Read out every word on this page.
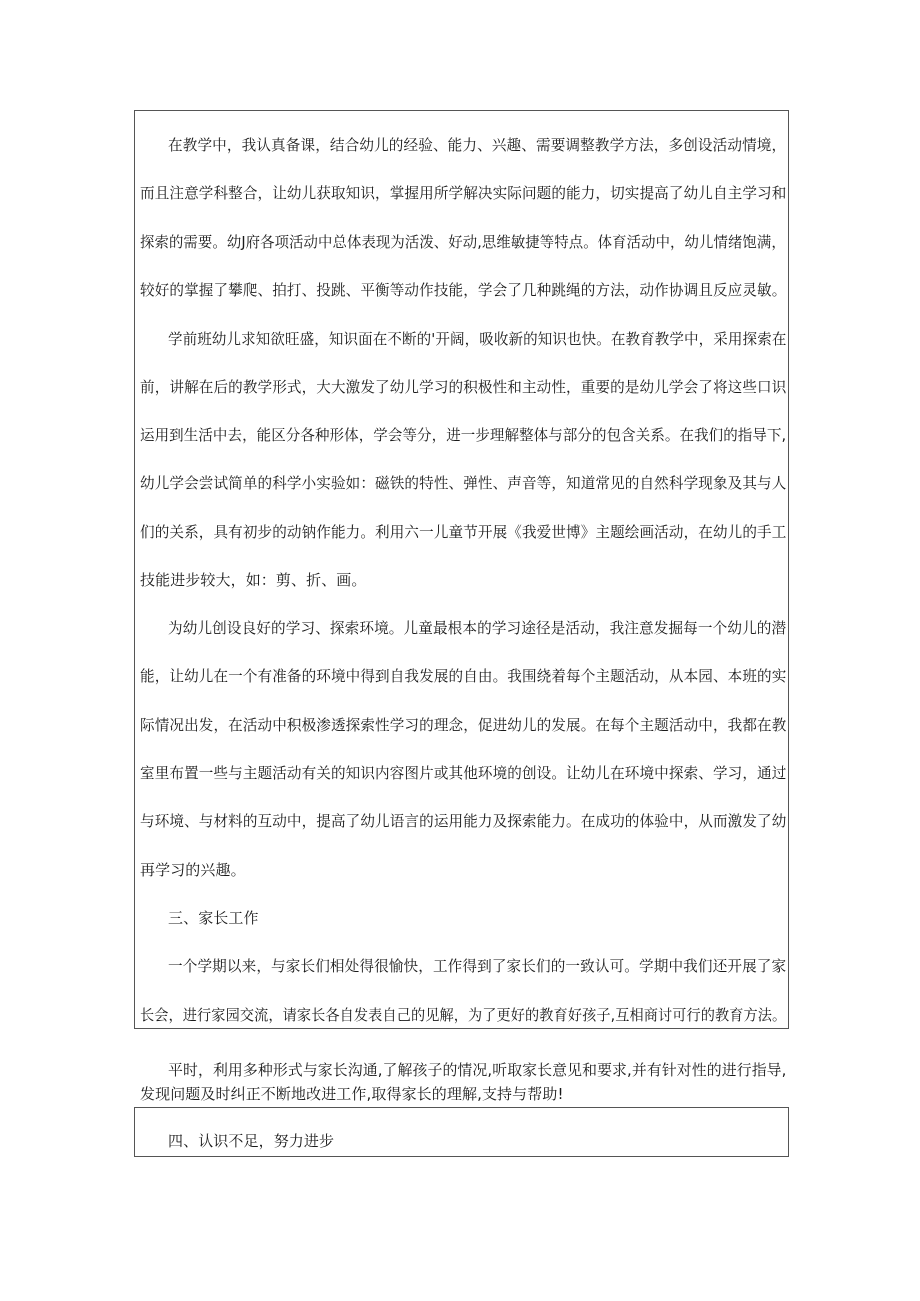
在教学中，我认真备课，结合幼儿的经验、能力、兴趣、需要调整教学方法，多创设活动情境，
而且注意学科整合，让幼儿获取知识，掌握用所学解决实际问题的能力，切实提高了幼儿自主学习和
探索的需要。幼J府各项活动中总体表现为活泼、好动,思维敏捷等特点。体育活动中，幼儿情绪饱满，
较好的掌握了攀爬、拍打、投跳、平衡等动作技能，学会了几种跳绳的方法，动作协调且反应灵敏。
学前班幼儿求知欲旺盛，知识面在不断的'开阔，吸收新的知识也快。在教育教学中，采用探索在
前，讲解在后的教学形式，大大激发了幼儿学习的积极性和主动性，重要的是幼儿学会了将这些口识
运用到生活中去，能区分各种形体，学会等分，进一步理解整体与部分的包含关系。在我们的指导下,
幼儿学会尝试简单的科学小实验如：磁铁的特性、弹性、声音等，知道常见的自然科学现象及其与人
们的关系，具有初步的动钠作能力。利用六一儿童节开展《我爱世博》主题绘画活动，在幼儿的手工
技能进步较大，如：剪、折、画。
为幼儿创设良好的学习、探索环境。儿童最根本的学习途径是活动，我注意发掘每一个幼儿的潜
能，让幼儿在一个有准备的环境中得到自我发展的自由。我围绕着每个主题活动，从本园、本班的实
际情况出发，在活动中积极渗透探索性学习的理念，促进幼儿的发展。在每个主题活动中，我都在教
室里布置一些与主题活动有关的知识内容图片或其他环境的创设。让幼儿在环境中探索、学习，通过
与环境、与材料的互动中，提高了幼儿语言的运用能力及探索能力。在成功的体验中，从而激发了幼
再学习的兴趣。
三、家长工作
一个学期以来，与家长们相处得很愉快，工作得到了家长们的一致认可。学期中我们还开展了家
长会，进行家园交流，请家长各自发表自己的见解，为了更好的教育好孩子,互相商讨可行的教育方法。
平时，利用多种形式与家长沟通,了解孩子的情况,听取家长意见和要求,并有针对性的进行指导,
发现问题及时纠正不断地改进工作,取得家长的理解,支持与帮助!
四、认识不足，努力进步
